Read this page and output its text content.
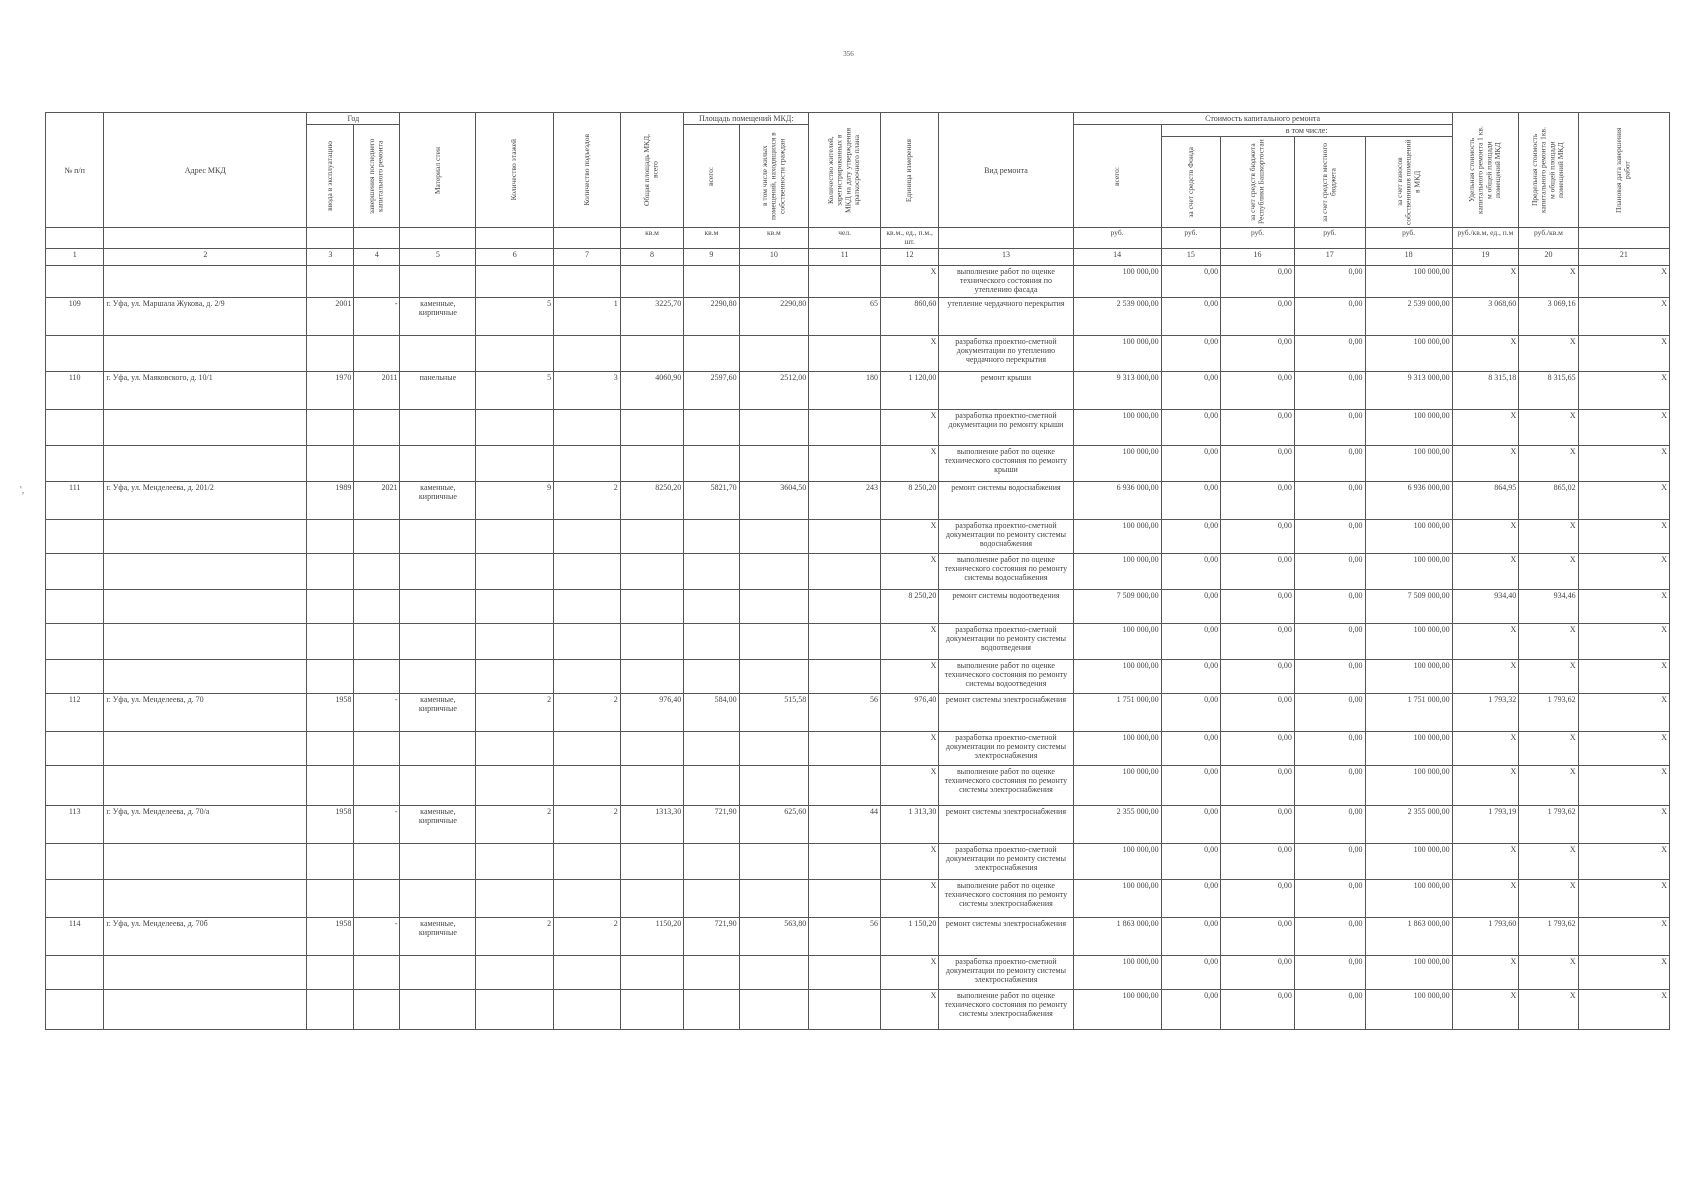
356
',
№ п/п	Адрес МКД	Год		Материал стен	Количество этажей	Количество подъездов	Общая площадь МКД, всего	Площадь помещений МКД:		Количество жителей, зарегистрированных в МКД на дату утверждения краткосрочного плана	Единица измерения	Вид ремонта	Стоимость капитального ремонта					Удельная стоимость капитального ремонта 1 кв. м общей площади помещений МКД	Предельная стоимость капитального ремонта 1кв. м общей площади помещений МКД	Плановая дата завершения работ

		ввода в эксплуатацию	завершения последнего капитального ремонта					всего:	в том числе жилых помещений, находящихся в собственности граждан				всего:	в том числе:						

														за счет средств Фонда	за счет средств бюджета Республики Башкортостан	за счет средств местного бюджета	за счет взносов собственников помещений в МКД			

							кв.м	кв.м	кв.м	чел.	кв.м., ед., п.м., шт.		руб.	руб.	руб.	руб.	руб.	руб./кв.м, ед., п.м	руб./кв.м	
1	2	3	4	5	6	7	8	9	10	11	12	13	14	15	16	17	18	19	20	21
											X	выполнение работ по оценке технического состояния по утеплению фасада	100 000,00	0,00	0,00	0,00	100 000,00	X	X	X
109	г. Уфа, ул. Маршала Жукова, д. 2/9	2001	-	каменные, кирпичные	5	1	3225,70	2290,80	2290,80	65	860,60	утепление чердачного перекрытия	2 539 000,00	0,00	0,00	0,00	2 539 000,00	3 068,60	3 069,16	X
											X	разработка проектно-сметной документации по утеплению чердачного перекрытия	100 000,00	0,00	0,00	0,00	100 000,00	X	X	X
110	г. Уфа, ул. Маяковского, д. 10/1	1970	2011	панельные	5	3	4060,90	2597,60	2512,00	180	1 120,00	ремонт крыши	9 313 000,00	0,00	0,00	0,00	9 313 000,00	8 315,18	8 315,65	X
											X	разработка проектно-сметной документации по ремонту крыши	100 000,00	0,00	0,00	0,00	100 000,00	X	X	X
											X	выполнение работ по оценке технического состояния по ремонту крыши	100 000,00	0,00	0,00	0,00	100 000,00	X	X	X
111	г. Уфа, ул. Менделеева, д. 201/2	1989	2021	каменные, кирпичные	9	2	8250,20	5821,70	3604,50	243	8 250,20	ремонт системы водоснабжения	6 936 000,00	0,00	0,00	0,00	6 936 000,00	864,95	865,02	X
											X	разработка проектно-сметной документации по ремонту системы водоснабжения	100 000,00	0,00	0,00	0,00	100 000,00	X	X	X
											X	выполнение работ по оценке технического состояния по ремонту системы водоснабжения	100 000,00	0,00	0,00	0,00	100 000,00	X	X	X
											8 250,20	ремонт системы водоотведения	7 509 000,00	0,00	0,00	0,00	7 509 000,00	934,40	934,46	X
											X	разработка проектно-сметной документации по ремонту системы водоотведения	100 000,00	0,00	0,00	0,00	100 000,00	X	X	X
											X	выполнение работ по оценке технического состояния по ремонту системы водоотведения	100 000,00	0,00	0,00	0,00	100 000,00	X	X	X
112	г. Уфа, ул. Менделеева, д. 70	1958	-	каменные, кирпичные	2	2	976,40	584,00	515,58	56	976,40	ремонт системы электроснабжения	1 751 000,00	0,00	0,00	0,00	1 751 000,00	1 793,32	1 793,62	X
											X	разработка проектно-сметной документации по ремонту системы электроснабжения	100 000,00	0,00	0,00	0,00	100 000,00	X	X	X
											X	выполнение работ по оценке технического состояния по ремонту системы электроснабжения	100 000,00	0,00	0,00	0,00	100 000,00	X	X	X
113	г. Уфа, ул. Менделеева, д. 70/а	1958	-	каменные, кирпичные	2	2	1313,30	721,90	625,60	44	1 313,30	ремонт системы электроснабжения	2 355 000,00	0,00	0,00	0,00	2 355 000,00	1 793,19	1 793,62	X
											X	разработка проектно-сметной документации по ремонту системы электроснабжения	100 000,00	0,00	0,00	0,00	100 000,00	X	X	X
											X	выполнение работ по оценке технического состояния по ремонту системы электроснабжения	100 000,00	0,00	0,00	0,00	100 000,00	X	X	X
114	г. Уфа, ул. Менделеева, д. 70б	1958	-	каменные, кирпичные	2	2	1150,20	721,90	563,80	56	1 150,20	ремонт системы электроснабжения	1 863 000,00	0,00	0,00	0,00	1 863 000,00	1 793,60	1 793,62	X
											X	разработка проектно-сметной документации по ремонту системы электроснабжения	100 000,00	0,00	0,00	0,00	100 000,00	X	X	X
											X	выполнение работ по оценке технического состояния по ремонту системы электроснабжения	100 000,00	0,00	0,00	0,00	100 000,00	X	X	X
